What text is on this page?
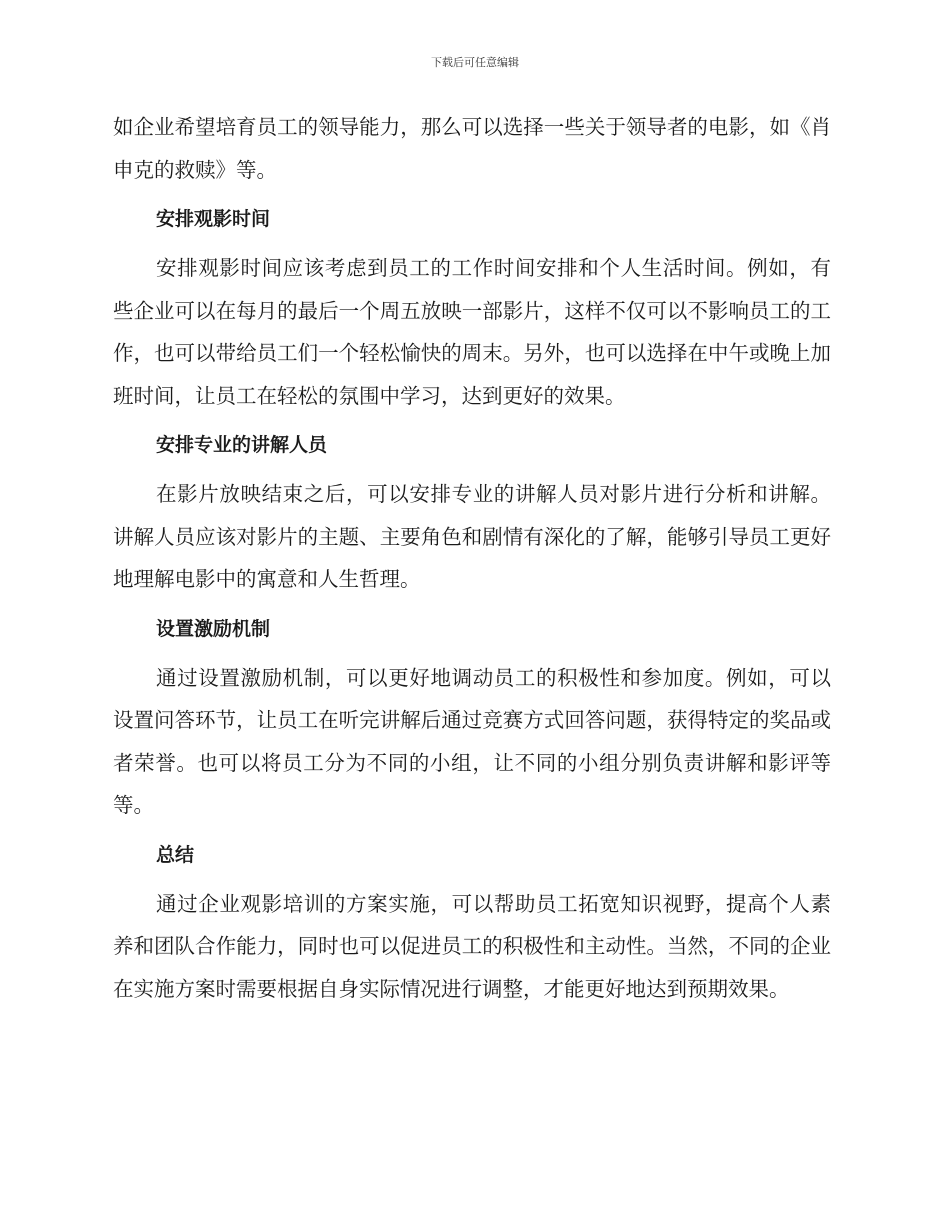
下载后可任意编辑

如企业希望培育员工的领导能力，那么可以选择一些关于领导者的电影，如《肖申克的救赎》等。

安排观影时间

安排观影时间应该考虑到员工的工作时间安排和个人生活时间。例如，有些企业可以在每月的最后一个周五放映一部影片，这样不仅可以不影响员工的工作，也可以带给员工们一个轻松愉快的周末。另外，也可以选择在中午或晚上加班时间，让员工在轻松的氛围中学习，达到更好的效果。

安排专业的讲解人员

在影片放映结束之后，可以安排专业的讲解人员对影片进行分析和讲解。讲解人员应该对影片的主题、主要角色和剧情有深化的了解，能够引导员工更好地理解电影中的寓意和人生哲理。

设置激励机制

通过设置激励机制，可以更好地调动员工的积极性和参加度。例如，可以设置问答环节，让员工在听完讲解后通过竞赛方式回答问题，获得特定的奖品或者荣誉。也可以将员工分为不同的小组，让不同的小组分别负责讲解和影评等等。

总结

通过企业观影培训的方案实施，可以帮助员工拓宽知识视野，提高个人素养和团队合作能力，同时也可以促进员工的积极性和主动性。当然，不同的企业在实施方案时需要根据自身实际情况进行调整，才能更好地达到预期效果。
